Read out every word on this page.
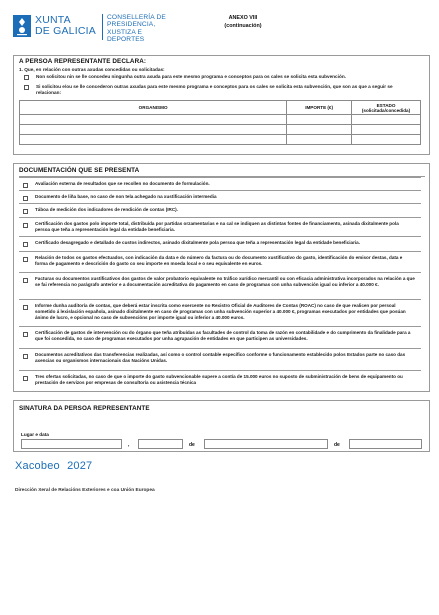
XUNTA
DE GALICIA
CONSELLERÍA DE
PRESIDENCIA,
XUSTIZA E DEPORTES
ANEXO VIII
(continuación)
A PERSOA REPRESENTANTE DECLARA:
1. Que, en relación con outras axudas concedidas ou solicitadas:
Non solicitou nin se lle concedeu ningunha outra axuda para este mesmo programa e conceptos para os cales se solicita esta subvención.
Si solicitou e/ou se lle concederon outras axudas para este mesmo programa e conceptos para os cales se solicita esta subvención, que son as que a seguir se relacionan:
ORGANISMO	IMPORTE (€)	ESTADO
(solicitada/concedida)

DOCUMENTACIÓN QUE SE PRESENTA
Avaliación externa de resultados que se recollen no documento de formulación.
Documento de liña base, no caso de non tela achegado na xustificación intermedia
Táboa de medición dos indicadores de rendición de contas (IRC).
Certificación dos gastos polo importe total, distribuída por partidas orzamentarias e na cal se indiquen as distintas fontes de financiamento, asinada dixitalmente pola persoa que teña a representación legal da entidade beneficiaria.
Certificado desagregado e detallado de custos indirectos, asinado dixitalmente pola persoa que teña a representación legal da entidade beneficiaria.
Relación de todos os gastos efectuados, con indicación da data e do número da factura ou do documento xustificativo do gasto, identificación do emisor destas, data e forma de pagamento e descrición do gasto co seu importe en moeda local e o seu equivalente en euros.
Facturas ou documentos xustificativos dos gastos de valor probatorio equivalente no tráfico xurídico mercantil ou con eficacia administrativa incorporados na relación a que se fai referencia no parágrafo anterior e a documentación acreditativa do pagamento en caso de programas con unha subvención igual ou inferior a 40.000 €.
Informe dunha auditoría de contas, que deberá estar inscrita como exercente no Rexistro Oficial de Auditores de Contas (ROAC) no caso de que realicen por persoal sometido á lexislación española, asinado dixitalmente en caso de programas con unha subvención superior a 40.000 €, programas executados por entidades que posúan ánimo de lucro, e opcional no caso de subvencións por importe igual ou inferior a 40.000 euros.
Certificación de gastos de intervención ou do órgano que teña atribuídas as facultades de control da toma de razón en contabilidade e do cumprimento da finalidade para a que foi concedida, no caso de programas executados por unha agrupación de entidades en que participen as universidades.
Documentos acreditativos das transferencias realizadas, así como o control contable específico conforme o funcionamento establecido polos Estados parte no caso das axencias ou organismos internacionais das Nacións Unidas.
Tres ofertas solicitadas, no caso de que o importe do gasto subvencionable supere a contía de 15.000 euros no suposto de subministración de bens de equipamento ou prestación de servizos por empresas de consultoría ou asistencia técnica
SINATURA DA PERSOA REPRESENTANTE
Lugar e data
,	de	de
Xacobeo 2027
Dirección Xeral de Relacións Exteriores e coa Unión Europea
